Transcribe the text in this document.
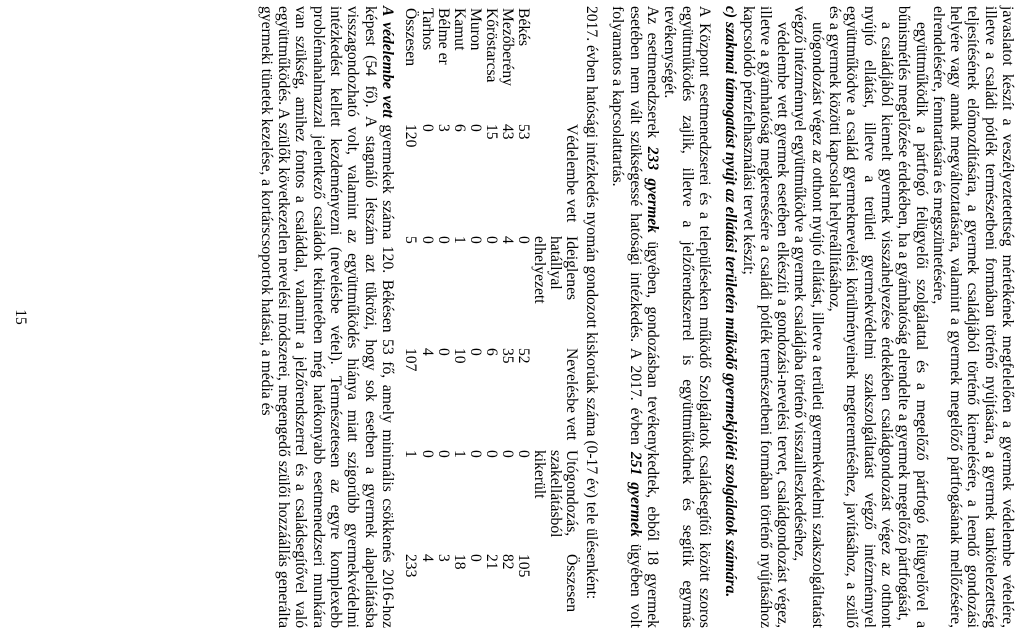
javaslatot készít a veszélyeztetettség mértékének megfelelően a gyermek védelembe vételére, illetve a családi pótlék természetbeni formában történő nyújtására, a gyermek tankötelezettség teljesítésének előmozdítására, a gyermek családjából történő kiemelésére, a leendő gondozási helyére vagy annak megváltoztatására, valamint a gyermek megelőző pártfogásának mellőzésére, elrendelésére, fenntartására és megszüntetésére,

együttműködik a pártfogó felügyelői szolgálattal és a megelőző pártfogó felügyelővel a bűnismétlés megelőzése érdekében, ha a gyámhatóság elrendelte a gyermek megelőző pártfogását,

a családjából kiemelt gyermek visszahelyezése érdekében családgondozást végez az otthont nyújtó ellátást, illetve a területi gyermekvédelmi szakszolgáltatást végző intézménnyel együttműködve a család gyermeknevelési körülményeinek megteremtéséhez, javításához, a szülő és a gyermek közötti kapcsolat helyreállításához,

utógondozást végez az otthont nyújtó ellátást, illetve a területi gyermekvédelmi szakszolgáltatást végző intézménnyel együttműködve a gyermek családjába történő visszailleszkedéséhez,

védelembe vett gyermek esetében elkészíti a gondozási-nevelési tervet, családgondozást végez, illetve a gyámhatóság megkeresésére a családi pótlék természetbeni formában történő nyújtásához kapcsolódó pénzfelhasználási tervet készít;

c) szakmai támogatást nyújt az ellátási területén működő gyermekjóléti szolgálatok számára.

A Központ esetmenedzserei és a településeken működő Szolgálatok családsegítői között szoros együttműködés zajlik, illetve a jelzőrendszerrel is együttműködnek és segítik egymás tevékenységét.

Az esetmenedzserek 233 gyermek ügyében, gondozásban tevékenykedtek, ebből 18 gyermek esetében nem vált szükségessé hatósági intézkedés. A 2017. évben 251 gyermek ügyében volt folyamatos a kapcsolattartás.

2017. évben hatósági intézkedés nyomán gondozott kiskorúak száma (0-17 év) tele ülésenként:

	Védelembe vett	Ideiglenes hatállyal elhelyezett	Nevelésbe vett	Utógondozás, szakellátásból kikerült	Összesen
Békés	53	0	52	0	105
Mezőberény	43	4	35	0	82
Kőröstarcsa	15	0	6	0	21
Muron	0	0	0	0	0
Kamut	6	1	10	1	18
Bélme er	3	0	0	0	3
Tarhos	0	0	4	0	4
Összesen	120	5	107	1	233

A védelembe vett gyermekek száma 120. Békésen 53 fő, amely minimális csökkenés 2016-hoz képest (54 fő). A stagnáló létszám azt tükrözi, hogy sok esetben a gyermek alapellátásba visszagondozható volt, valamint az együttműködés hiánya miatt szigorúbb gyermekvédelmi intézkedést kellett kezdeményezni (nevelésbe vétel). Természetesen az egyre komplexebb problémahalmazzal jelentkező családok tekintetében még hatékonyabb esetmenedzseri munkára van szükség, amihez fontos a családdal, valamint a jelzőrendszerrel és a családsegítővel való együttműködés. A szülők következetlen nevelési módszerei, megengedő szülői hozzáállás generálta gyermeki tünetek kezelése, a kortárscsoportok hatásai, a média és

15
